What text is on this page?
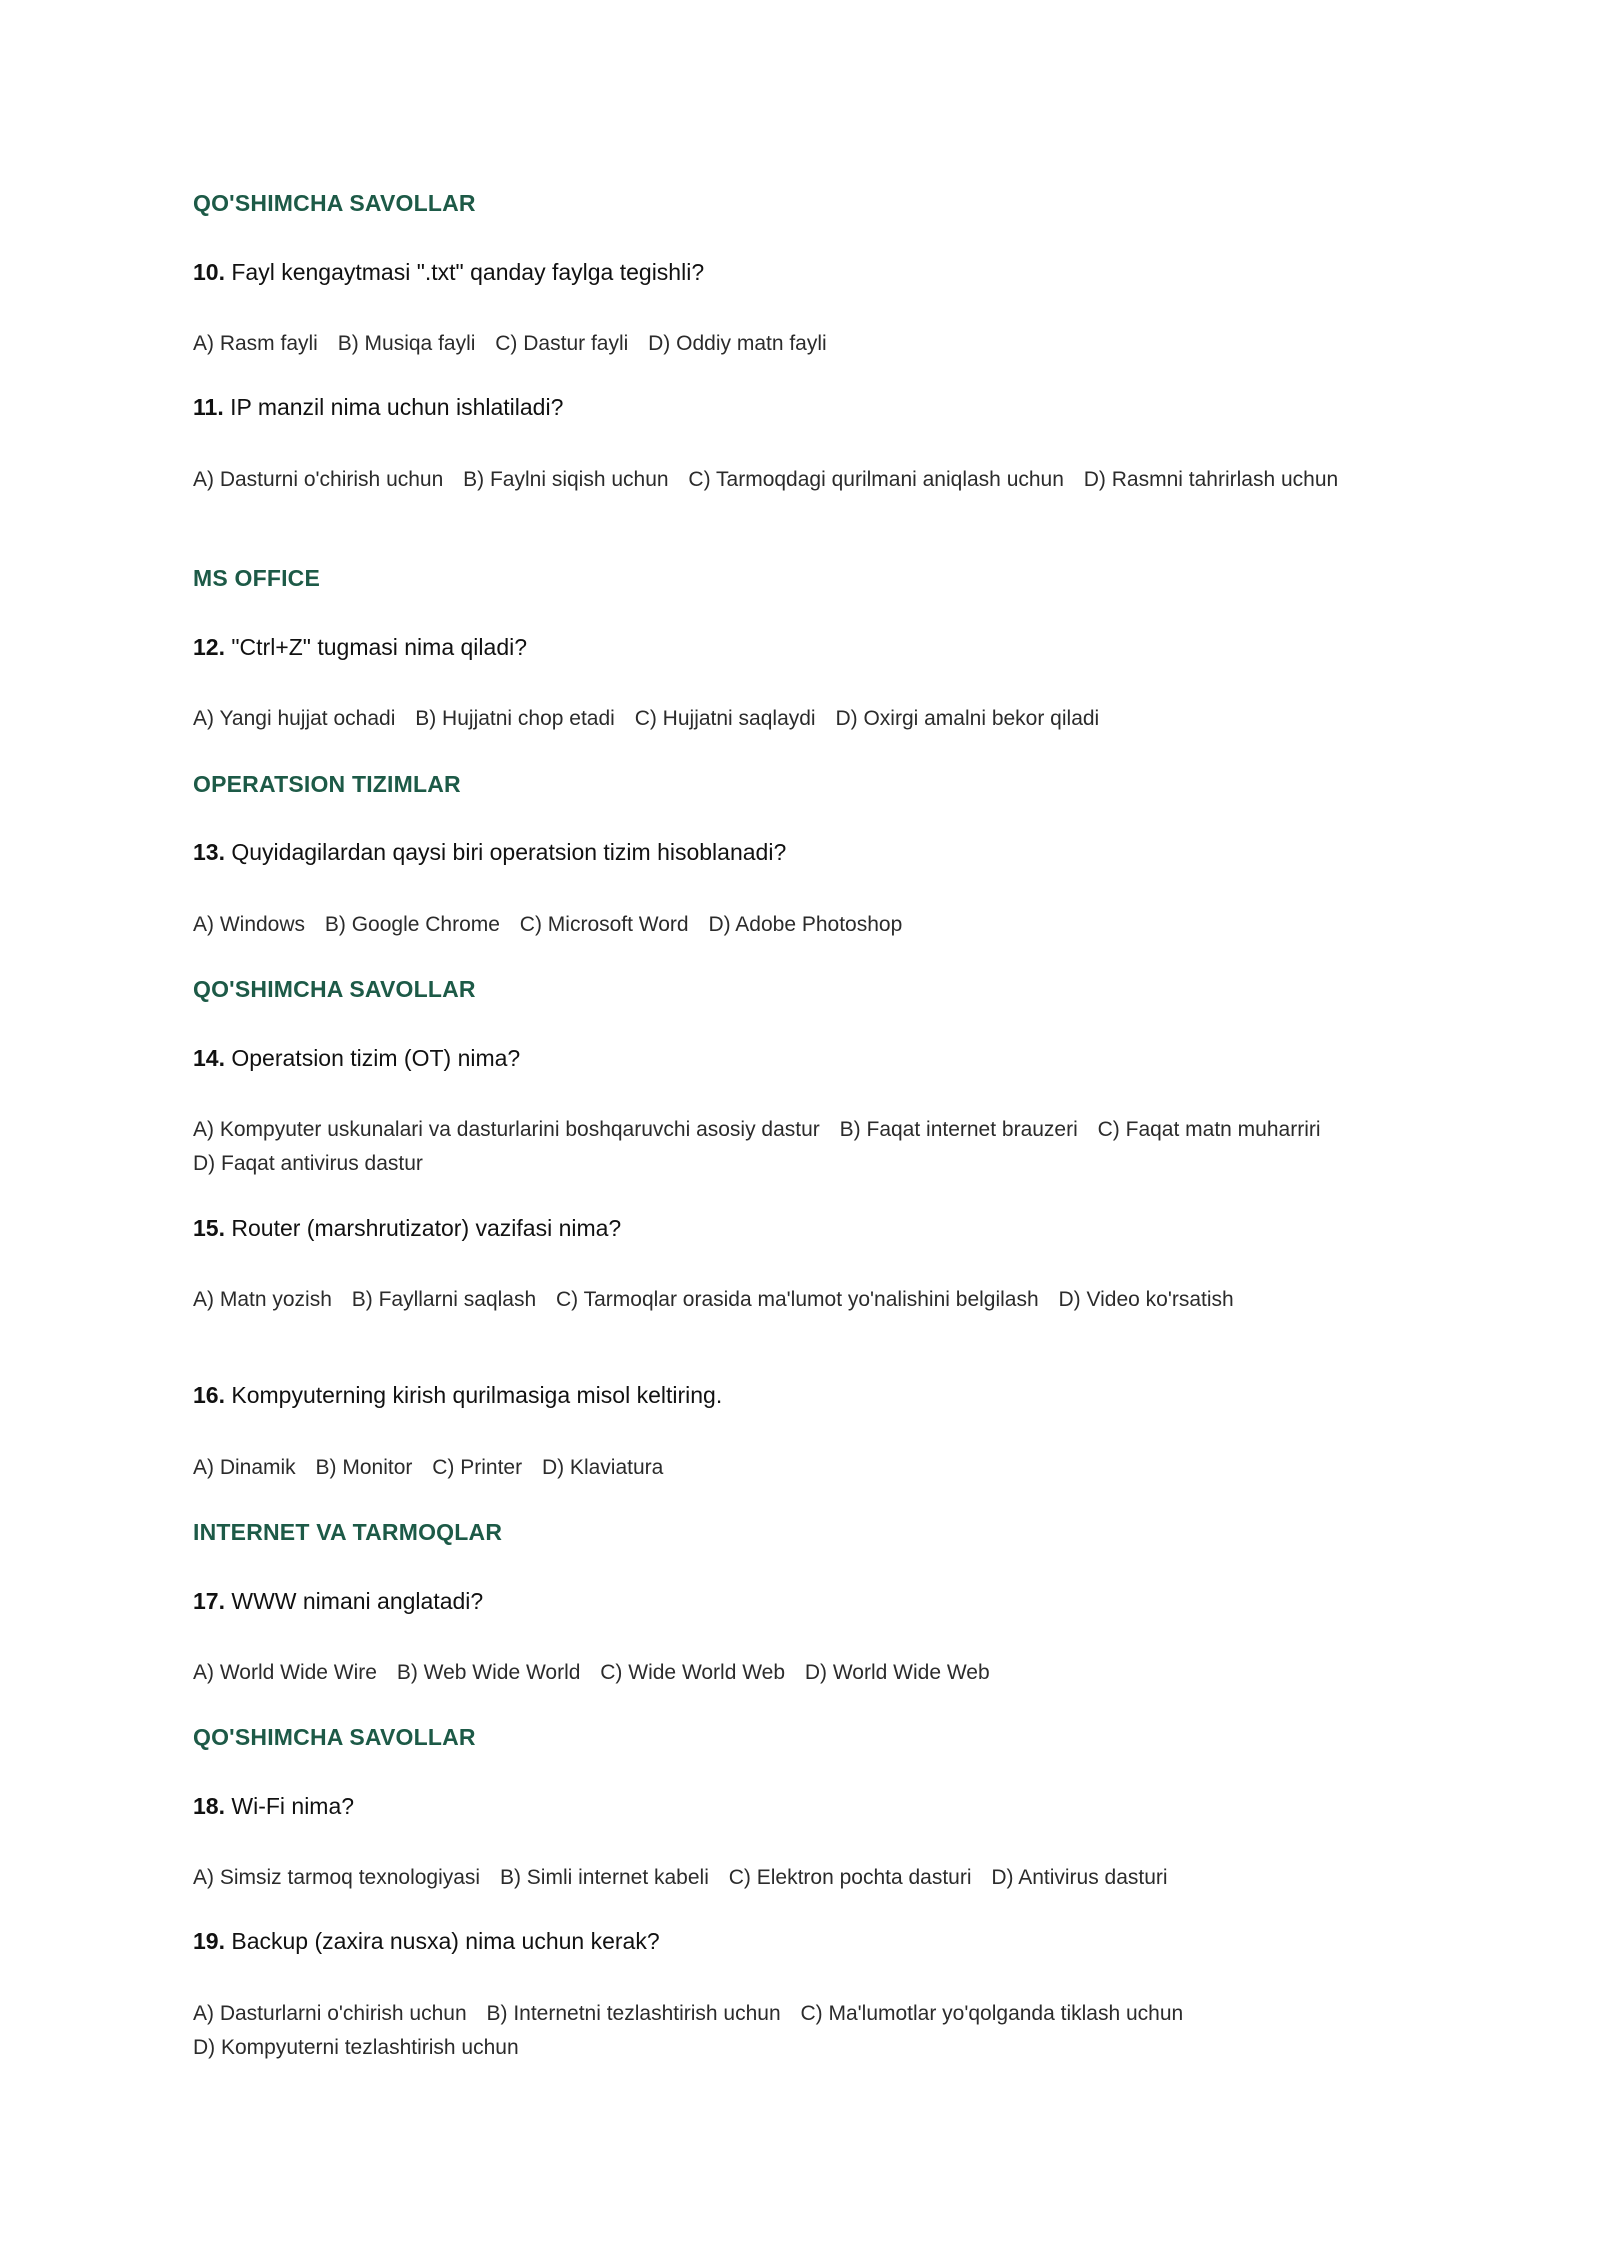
QO'SHIMCHA SAVOLLAR
10. Fayl kengaytmasi ".txt" qanday faylga tegishli?
A) Rasm fayli B) Musiqa fayli C) Dastur fayli D) Oddiy matn fayli
11. IP manzil nima uchun ishlatiladi?
A) Dasturni o'chirish uchun B) Faylni siqish uchun C) Tarmoqdagi qurilmani aniqlash uchun D) Rasmni tahrirlash uchun
MS OFFICE
12. "Ctrl+Z" tugmasi nima qiladi?
A) Yangi hujjat ochadi B) Hujjatni chop etadi C) Hujjatni saqlaydi D) Oxirgi amalni bekor qiladi
OPERATSION TIZIMLAR
13. Quyidagilardan qaysi biri operatsion tizim hisoblanadi?
A) Windows B) Google Chrome C) Microsoft Word D) Adobe Photoshop
QO'SHIMCHA SAVOLLAR
14. Operatsion tizim (OT) nima?
A) Kompyuter uskunalari va dasturlarini boshqaruvchi asosiy dastur B) Faqat internet brauzeri C) Faqat matn muharriri
D) Faqat antivirus dastur
15. Router (marshrutizator) vazifasi nima?
A) Matn yozish B) Fayllarni saqlash C) Tarmoqlar orasida ma'lumot yo'nalishini belgilash D) Video ko'rsatish
16. Kompyuterning kirish qurilmasiga misol keltiring.
A) Dinamik B) Monitor C) Printer D) Klaviatura
INTERNET VA TARMOQLAR
17. WWW nimani anglatadi?
A) World Wide Wire B) Web Wide World C) Wide World Web D) World Wide Web
QO'SHIMCHA SAVOLLAR
18. Wi-Fi nima?
A) Simsiz tarmoq texnologiyasi B) Simli internet kabeli C) Elektron pochta dasturi D) Antivirus dasturi
19. Backup (zaxira nusxa) nima uchun kerak?
A) Dasturlarni o'chirish uchun B) Internetni tezlashtirish uchun C) Ma'lumotlar yo'qolganda tiklash uchun
D) Kompyuterni tezlashtirish uchun
